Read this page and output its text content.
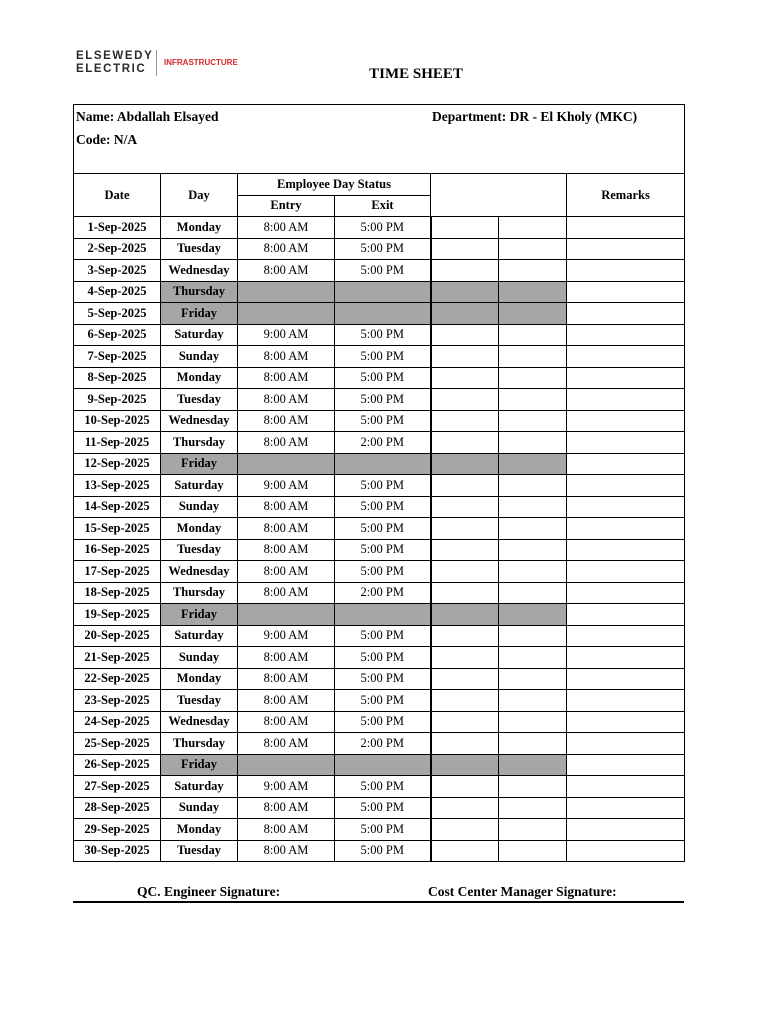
ELSEWEDY
ELECTRIC
INFRASTRUCTURE
TIME SHEET
Name: Abdallah Elsayed
Code: N/A
Department: DR - El Kholy (MKC)						

Date	Day	Employee Day Status				Remarks
		Entry	Exit			
1-Sep-2025	Monday	8:00 AM	5:00 PM			
2-Sep-2025	Tuesday	8:00 AM	5:00 PM			
3-Sep-2025	Wednesday	8:00 AM	5:00 PM			
4-Sep-2025	Thursday					
5-Sep-2025	Friday					
6-Sep-2025	Saturday	9:00 AM	5:00 PM			
7-Sep-2025	Sunday	8:00 AM	5:00 PM			
8-Sep-2025	Monday	8:00 AM	5:00 PM			
9-Sep-2025	Tuesday	8:00 AM	5:00 PM			
10-Sep-2025	Wednesday	8:00 AM	5:00 PM			
11-Sep-2025	Thursday	8:00 AM	2:00 PM			
12-Sep-2025	Friday					
13-Sep-2025	Saturday	9:00 AM	5:00 PM			
14-Sep-2025	Sunday	8:00 AM	5:00 PM			
15-Sep-2025	Monday	8:00 AM	5:00 PM			
16-Sep-2025	Tuesday	8:00 AM	5:00 PM			
17-Sep-2025	Wednesday	8:00 AM	5:00 PM			
18-Sep-2025	Thursday	8:00 AM	2:00 PM			
19-Sep-2025	Friday					
20-Sep-2025	Saturday	9:00 AM	5:00 PM			
21-Sep-2025	Sunday	8:00 AM	5:00 PM			
22-Sep-2025	Monday	8:00 AM	5:00 PM			
23-Sep-2025	Tuesday	8:00 AM	5:00 PM			
24-Sep-2025	Wednesday	8:00 AM	5:00 PM			
25-Sep-2025	Thursday	8:00 AM	2:00 PM			
26-Sep-2025	Friday					
27-Sep-2025	Saturday	9:00 AM	5:00 PM			
28-Sep-2025	Sunday	8:00 AM	5:00 PM			
29-Sep-2025	Monday	8:00 AM	5:00 PM			
30-Sep-2025	Tuesday	8:00 AM	5:00 PM			
QC. Engineer Signature:	Cost Center Manager Signature:
